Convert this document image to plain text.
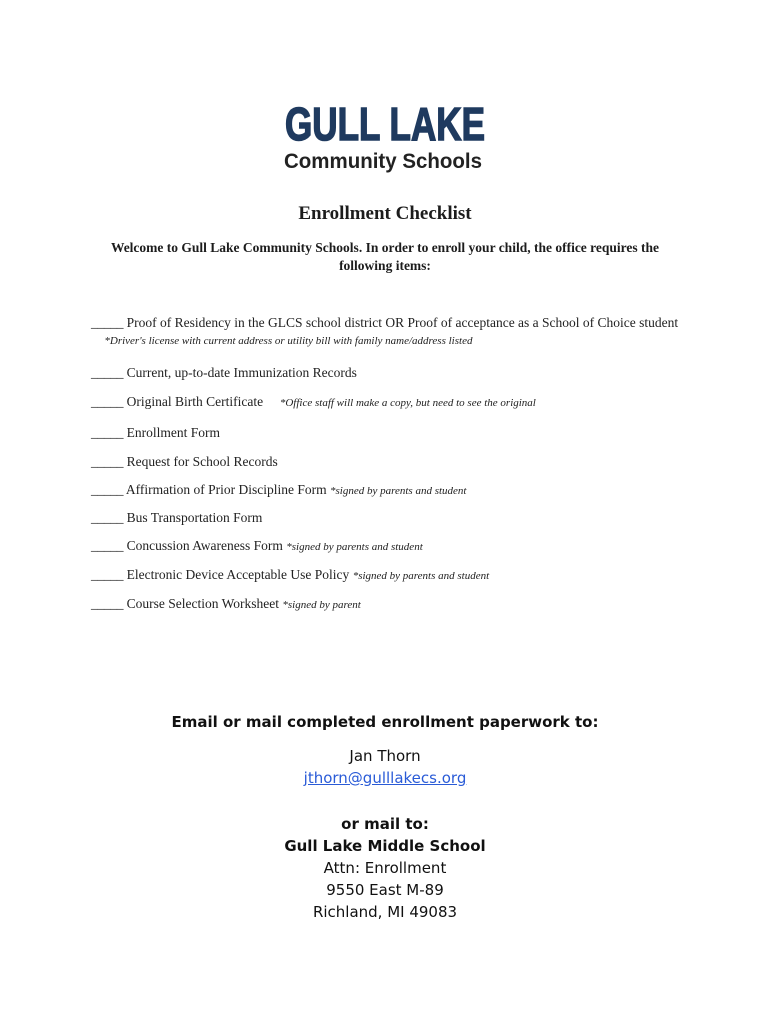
GULL LAKE
Community Schools
Enrollment Checklist
Welcome to Gull Lake Community Schools. In order to enroll your child, the office requires the following items:
_____ Proof of Residency in the GLCS school district OR Proof of acceptance as a School of Choice student  *Driver's license with current address or utility bill with family name/address listed
_____ Current, up-to-date Immunization Records
_____ Original Birth Certificate *Office staff will make a copy, but need to see the original
_____ Enrollment Form
_____ Request for School Records
_____ Affirmation of Prior Discipline Form *signed by parents and student
_____ Bus Transportation Form
_____ Concussion Awareness Form *signed by parents and student
_____ Electronic Device Acceptable Use Policy *signed by parents and student
_____ Course Selection Worksheet *signed by parent
Email or mail completed enrollment paperwork to:
Jan Thorn
jthorn@gulllakecs.org
or mail to:
Gull Lake Middle School
Attn: Enrollment
9550 East M-89
Richland, MI 49083
